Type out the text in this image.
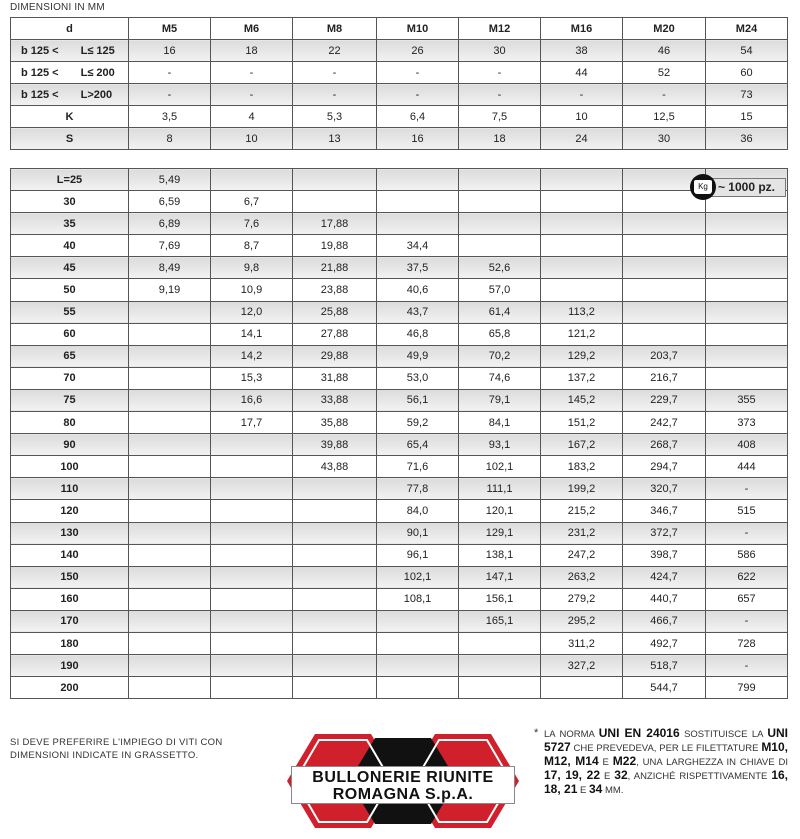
DIMENSIONI IN MM
d	M5	M6	M8	M10	M12	M16	M20	M24
b 125 < L≤ 125	16	18	22	26	30	38	46	54
b 125 < L≤ 200	-	-	-	-	-	44	52	60
b 125 < L>200	-	-	-	-	-	-	-	73
K	3,5	4	5,3	6,4	7,5	10	12,5	15
S	8	10	13	16	18	24	30	36
L=25	5,49							
30	6,59	6,7						
35	6,89	7,6	17,88					
40	7,69	8,7	19,88	34,4				
45	8,49	9,8	21,88	37,5	52,6			
50	9,19	10,9	23,88	40,6	57,0			
55		12,0	25,88	43,7	61,4	113,2		
60		14,1	27,88	46,8	65,8	121,2		
65		14,2	29,88	49,9	70,2	129,2	203,7	
70		15,3	31,88	53,0	74,6	137,2	216,7	
75		16,6	33,88	56,1	79,1	145,2	229,7	355
80		17,7	35,88	59,2	84,1	151,2	242,7	373
90			39,88	65,4	93,1	167,2	268,7	408
100			43,88	71,6	102,1	183,2	294,7	444
110				77,8	111,1	199,2	320,7	-
120				84,0	120,1	215,2	346,7	515
130				90,1	129,1	231,2	372,7	-
140				96,1	138,1	247,2	398,7	586
150				102,1	147,1	263,2	424,7	622
160				108,1	156,1	279,2	440,7	657
170					165,1	295,2	466,7	-
180						311,2	492,7	728
190						327,2	518,7	-
200							544,7	799
~ 1000 pz.
Kg
SI DEVE PREFERIRE L'IMPIEGO DI VITI CON DIMENSIONI INDICATE IN GRASSETTO.
BULLONERIE RIUNITE
ROMAGNA S.p.A.
* LA NORMA UNI EN 24016 SOSTITUISCE LA UNI 5727 CHE PREVEDEVA, PER LE FILETTATURE M10, M12, M14 E M22, UNA LARGHEZZA IN CHIAVE DI 17, 19, 22 E 32, ANZICHÉ RISPETTIVAMENTE 16, 18, 21 E 34 MM.
